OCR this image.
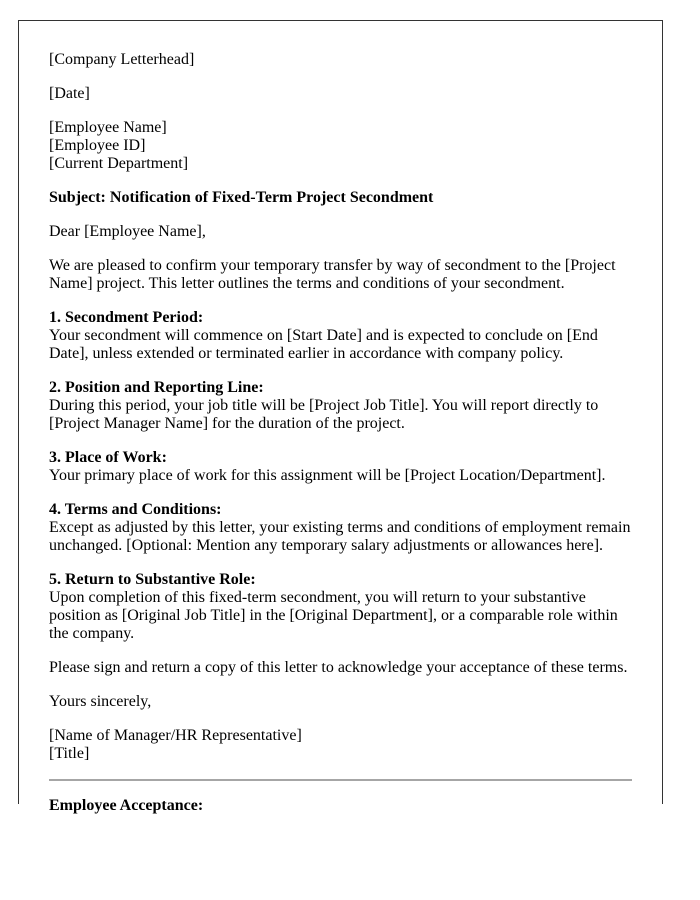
[Company Letterhead]

[Date]

[Employee Name]
[Employee ID]
[Current Department]

Subject: Notification of Fixed-Term Project Secondment

Dear [Employee Name],

We are pleased to confirm your temporary transfer by way of secondment to the [Project Name] project. This letter outlines the terms and conditions of your secondment.

1. Secondment Period:
Your secondment will commence on [Start Date] and is expected to conclude on [End Date], unless extended or terminated earlier in accordance with company policy.

2. Position and Reporting Line:
During this period, your job title will be [Project Job Title]. You will report directly to [Project Manager Name] for the duration of the project.

3. Place of Work:
Your primary place of work for this assignment will be [Project Location/Department].

4. Terms and Conditions:
Except as adjusted by this letter, your existing terms and conditions of employment remain unchanged. [Optional: Mention any temporary salary adjustments or allowances here].

5. Return to Substantive Role:
Upon completion of this fixed-term secondment, you will return to your substantive position as [Original Job Title] in the [Original Department], or a comparable role within the company.

Please sign and return a copy of this letter to acknowledge your acceptance of these terms.

Yours sincerely,

[Name of Manager/HR Representative]
[Title]

Employee Acceptance:
